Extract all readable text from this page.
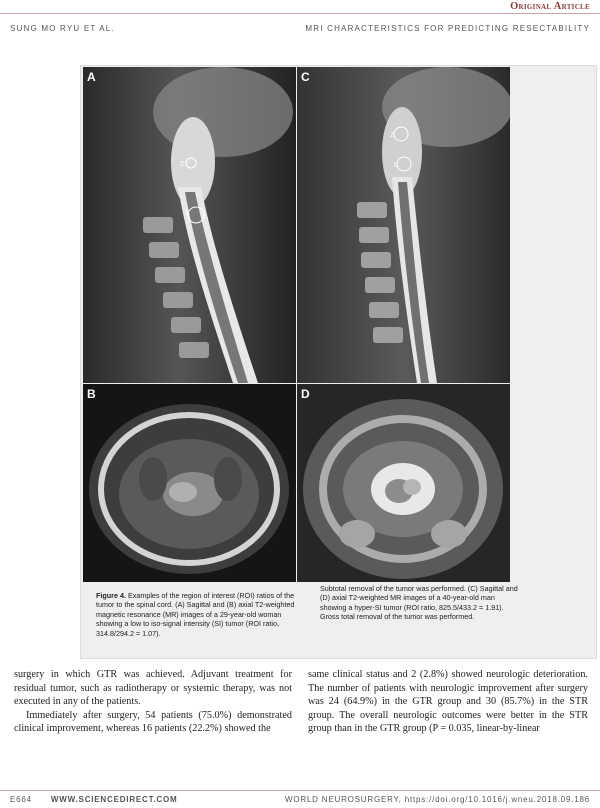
Original Article
SUNG MO RYU ET AL.	MRI CHARACTERISTICS FOR PREDICTING RESECTABILITY
2
1
A
2
1
C
B	D
Figure 4. Examples of the region of interest (ROI) ratios of the tumor to the spinal cord. (A) Sagittal and (B) axial T2-weighted magnetic resonance (MR) images of a 29-year-old woman showing a low to iso-signal intensity (SI) tumor (ROI ratio, 314.8/294.2 = 1.07).
Subtotal removal of the tumor was performed. (C) Sagittal and (D) axial T2-weighted MR images of a 40-year-old man showing a hyper-SI tumor (ROI ratio, 825.5/433.2 = 1.91). Gross total removal of the tumor was performed.

surgery in which GTR was achieved. Adjuvant treatment for residual tumor, such as radiotherapy or systemic therapy, was not executed in any of the patients.

Immediately after surgery, 54 patients (75.0%) demonstrated clinical improvement, whereas 16 patients (22.2%) showed the

same clinical status and 2 (2.8%) showed neurologic deterioration. The number of patients with neurologic improvement after surgery was 24 (64.9%) in the GTR group and 30 (85.7%) in the STR group. The overall neurologic outcomes were better in the STR group than in the GTR group (P = 0.035, linear-by-linear

E664 WWW.SCIENCEDIRECT.COM	WORLD NEUROSURGERY, https://doi.org/10.1016/j.wneu.2018.09.186
